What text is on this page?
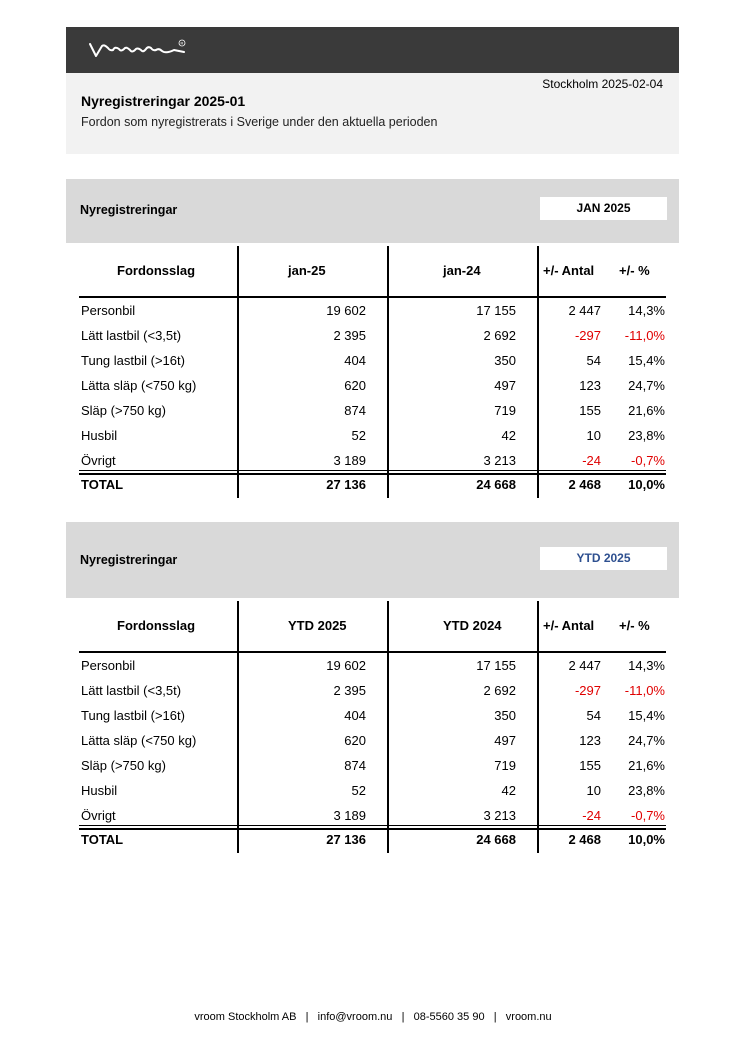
R
Stockholm 2025-02-04
Nyregistreringar 2025-01
Fordon som nyregistrerats i Sverige under den aktuella perioden
Nyregistreringar	JAN 2025
Fordonsslag	jan-25	jan-24	+/- Antal +/- %
Personbil	19 602	17 155	2 447 14,3%
Lätt lastbil (<3,5t)	2 395	2 692	-297 -11,0%
Tung lastbil (>16t)	404	350	54 15,4%
Lätta släp (<750 kg)	620	497	123 24,7%
Släp (>750 kg)	874	719	155 21,6%
Husbil	52	42	10 23,8%
Övrigt	3 189	3 213	-24 -0,7%
TOTAL	27 136	24 668	2 468 10,0%
Nyregistreringar	YTD 2025
Fordonsslag	YTD 2025	YTD 2024	+/- Antal +/- %
Personbil	19 602	17 155	2 447 14,3%
Lätt lastbil (<3,5t)	2 395	2 692	-297 -11,0%
Tung lastbil (>16t)	404	350	54 15,4%
Lätta släp (<750 kg)	620	497	123 24,7%
Släp (>750 kg)	874	719	155 21,6%
Husbil	52	42	10 23,8%
Övrigt	3 189	3 213	-24 -0,7%
TOTAL	27 136	24 668	2 468 10,0%
vroom Stockholm AB | info@vroom.nu | 08-5560 35 90 | vroom.nu
